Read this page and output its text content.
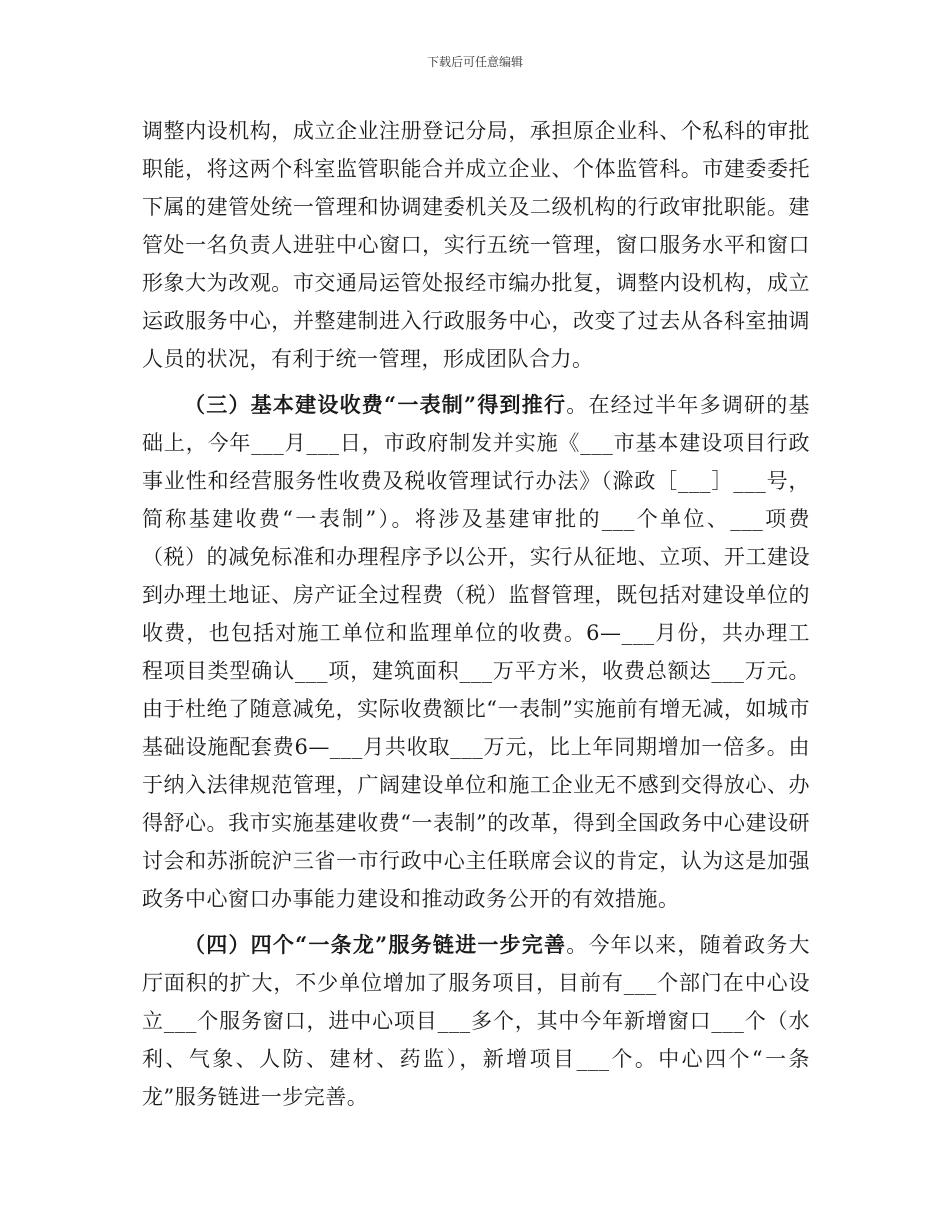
下载后可任意编辑

调整内设机构，成立企业注册登记分局，承担原企业科、个私科的审批职能，将这两个科室监管职能合并成立企业、个体监管科。市建委委托下属的建管处统一管理和协调建委机关及二级机构的行政审批职能。建管处一名负责人进驻中心窗口，实行五统一管理，窗口服务水平和窗口形象大为改观。市交通局运管处报经市编办批复，调整内设机构，成立运政服务中心，并整建制进入行政服务中心，改变了过去从各科室抽调人员的状况，有利于统一管理，形成团队合力。

（三）基本建设收费“一表制”得到推行。在经过半年多调研的基础上，今年___月___日，市政府制发并实施《___市基本建设项目行政事业性和经营服务性收费及税收管理试行办法》（滁政［___］___号，简称基建收费“一表制”）。将涉及基建审批的___个单位、___项费（税）的减免标准和办理程序予以公开，实行从征地、立项、开工建设到办理土地证、房产证全过程费（税）监督管理，既包括对建设单位的收费，也包括对施工单位和监理单位的收费。6—___月份，共办理工程项目类型确认___项，建筑面积___万平方米，收费总额达___万元。由于杜绝了随意减免，实际收费额比“一表制”实施前有增无减，如城市基础设施配套费6—___月共收取___万元，比上年同期增加一倍多。由于纳入法律规范管理，广阔建设单位和施工企业无不感到交得放心、办得舒心。我市实施基建收费“一表制”的改革，得到全国政务中心建设研讨会和苏浙皖沪三省一市行政中心主任联席会议的肯定，认为这是加强政务中心窗口办事能力建设和推动政务公开的有效措施。

（四）四个“一条龙”服务链进一步完善。今年以来，随着政务大厅面积的扩大，不少单位增加了服务项目，目前有___个部门在中心设立___个服务窗口，进中心项目___多个，其中今年新增窗口___个（水利、气象、人防、建材、药监），新增项目___个。中心四个“一条龙”服务链进一步完善。
